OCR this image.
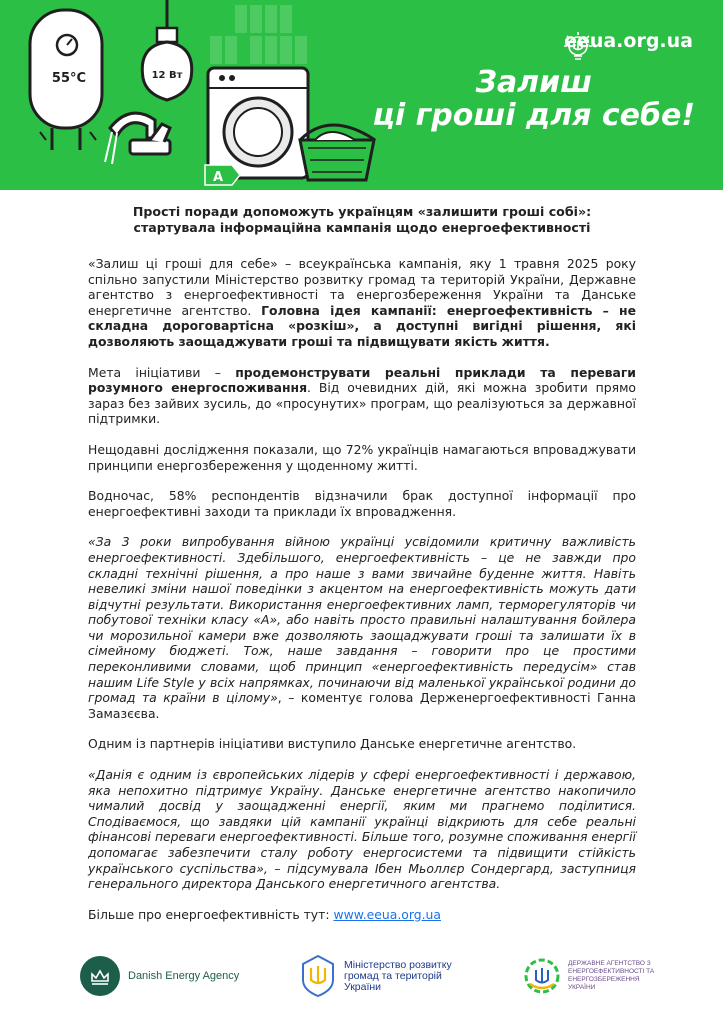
55°C	12 Вт
A
eeua.org.ua
Залиш
ці гроші для себе!
Прості поради допоможуть українцям «залишити гроші собі»:
стартувала інформаційна кампанія щодо енергоефективності

«Залиш ці гроші для себе» – всеукраїнська кампанія, яку 1 травня 2025 року спільно запустили Міністерство розвитку громад та територій України, Державне агентство з енергоефективності та енергозбереження України та Данське енергетичне агентство. Головна ідея кампанії: енергоефективність – не складна дороговартісна «розкіш», а доступні вигідні рішення, які дозволяють заощаджувати гроші та підвищувати якість життя.

Мета ініціативи – продемонструвати реальні приклади та переваги розумного енергоспоживання. Від очевидних дій, які можна зробити прямо зараз без зайвих зусиль, до «просунутих» програм, що реалізуються за державної підтримки.

Нещодавні дослідження показали, що 72% українців намагаються впроваджувати принципи енергозбереження у щоденному житті.

Водночас, 58% респондентів відзначили брак доступної інформації про енергоефективні заходи та приклади їх впровадження.

«За 3 роки випробування війною українці усвідомили критичну важливість енергоефективності. Здебільшого, енергоефективність – це не завжди про складні технічні рішення, а про наше з вами звичайне буденне життя. Навіть невеликі зміни нашої поведінки з акцентом на енергоефективність можуть дати відчутні результати. Використання енергоефективних ламп, терморегуляторів чи побутової техніки класу «А», або навіть просто правильні налаштування бойлера чи морозильної камери вже дозволяють заощаджувати гроші та залишати їх в сімейному бюджеті. Тож, наше завдання – говорити про це простими переконливими словами, щоб принцип «енергоефективність передусім» став нашим Life Style у всіх напрямках, починаючи від маленької української родини до громад та країни в цілому», – коментує голова Держенергоефективності Ганна Замазєєва.

Одним із партнерів ініціативи виступило Данське енергетичне агентство.

«Данія є одним із європейських лідерів у сфері енергоефективності і державою, яка непохитно підтримує Україну. Данське енергетичне агентство накопичило чималий досвід у заощадженні енергії, яким ми прагнемо поділитися. Сподіваємося, що завдяки цій кампанії українці відкриють для себе реальні фінансові переваги енергоефективності. Більше того, розумне споживання енергії допомагає забезпечити сталу роботу енергосистеми та підвищити стійкість українського суспільства», – підсумувала Ібен Мьоллєр Сондергард, заступниця генерального директора Данського енергетичного агентства.

Більше про енергоефективність тут: www.eeua.org.ua

Danish Energy Agency
Міністерство розвитку громад та територій України
ДЕРЖАВНЕ АГЕНТСТВО З ЕНЕРГОЕФЕКТИВНОСТІ ТА ЕНЕРГОЗБЕРЕЖЕННЯ УКРАЇНИ
